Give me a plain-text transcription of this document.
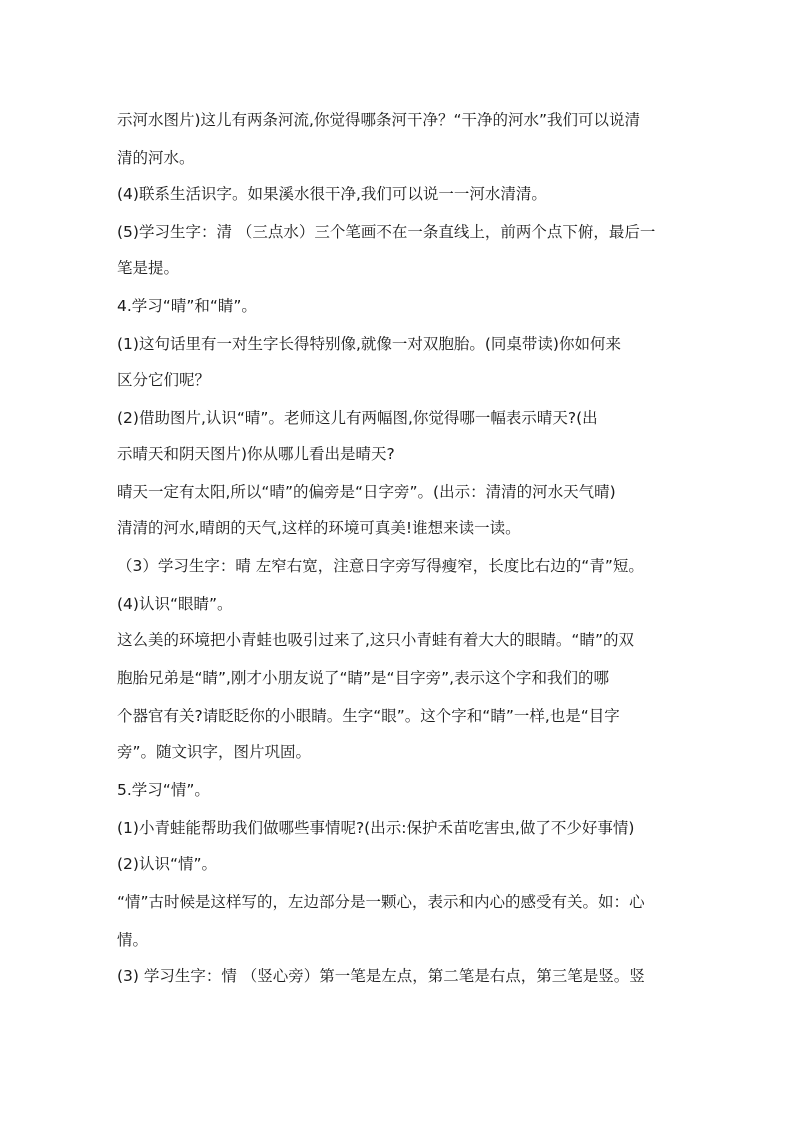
示河水图片)这儿有两条河流,你觉得哪条河干净？“干净的河水”我们可以说清
清的河水。
(4)联系生活识字。如果溪水很干净,我们可以说一一河水清清。
(5)学习生字：清 （三点水）三个笔画不在一条直线上，前两个点下俯，最后一
笔是提。
4.学习“晴”和“睛”。
(1)这句话里有一对生字长得特别像,就像一对双胞胎。(同桌带读)你如何来
区分它们呢？
(2)借助图片,认识“晴”。老师这儿有两幅图,你觉得哪一幅表示晴天?(出
示晴天和阴天图片)你从哪儿看出是晴天?
晴天一定有太阳,所以“晴”的偏旁是“日字旁”。(出示：清清的河水天气晴)
清清的河水,晴朗的天气,这样的环境可真美!谁想来读一读。
（3）学习生字：晴 左窄右宽，注意日字旁写得瘦窄，长度比右边的“青”短。
(4)认识“眼睛”。
这么美的环境把小青蛙也吸引过来了,这只小青蛙有着大大的眼睛。“睛”的双
胞胎兄弟是“睛”,刚才小朋友说了“睛”是“目字旁”,表示这个字和我们的哪
个器官有关?请眨眨你的小眼睛。生字“眼”。这个字和“睛”一样,也是“目字
旁”。随文识字，图片巩固。
5.学习“情”。
(1)小青蛙能帮助我们做哪些事情呢?(出示:保护禾苗吃害虫,做了不少好事情)
(2)认识“情”。
“情”古时候是这样写的，左边部分是一颗心，表示和内心的感受有关。如：心
情。
(3) 学习生字：情 （竖心旁）第一笔是左点，第二笔是右点，第三笔是竖。竖
